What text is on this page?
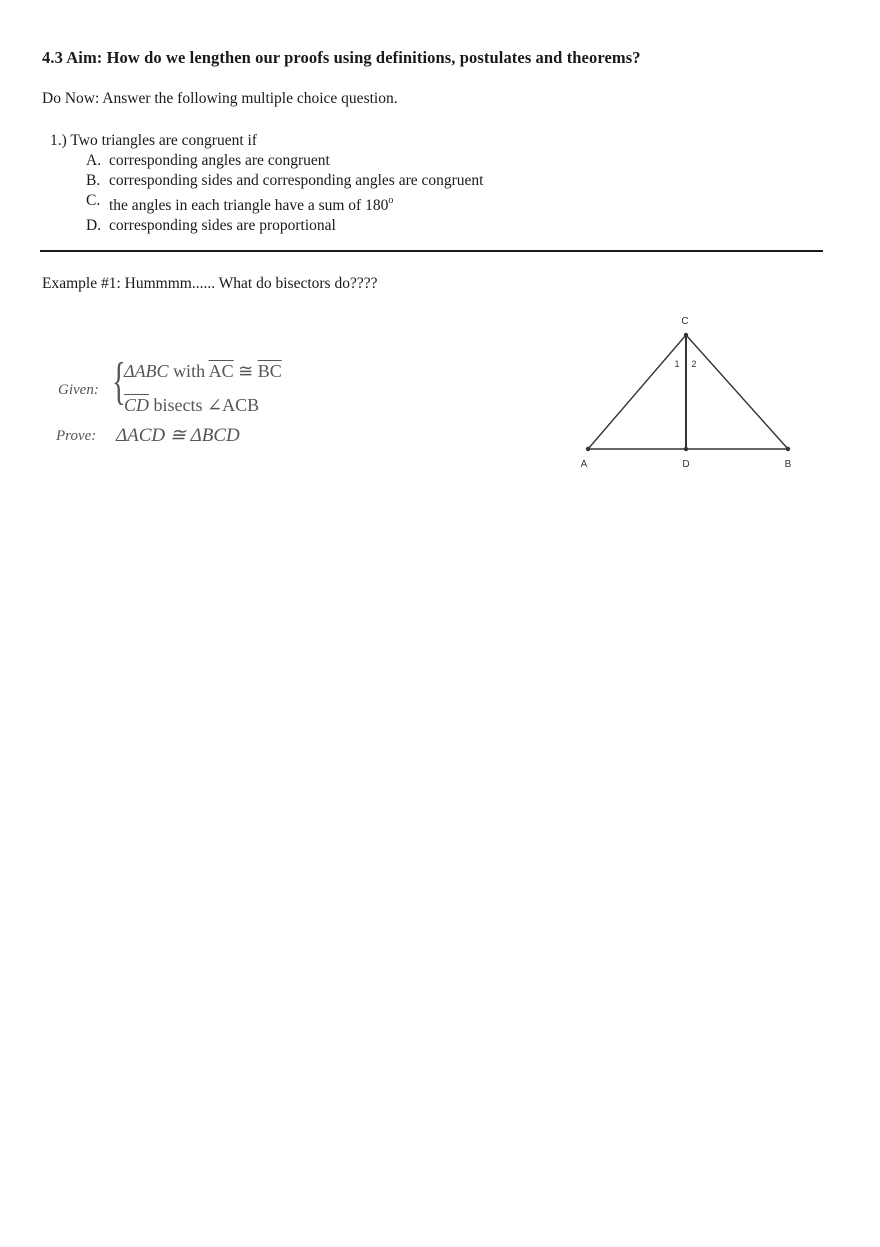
4.3 Aim: How do we lengthen our proofs using definitions, postulates and theorems?
Do Now: Answer the following multiple choice question.
1.) Two triangles are congruent if
A. corresponding angles are congruent
B. corresponding sides and corresponding angles are congruent
C. the angles in each triangle have a sum of 180$^o$
D. corresponding sides are proportional
Example #1: Hummmm...... What do bisectors do????
Given: {
ΔABC with $\overline{AC}$ ≅ $\overline{BC}$
$\overline{CD}$ bisects ∠ACB
Prove: ΔACD ≅ ΔBCD
C
A	D	B
1 2
